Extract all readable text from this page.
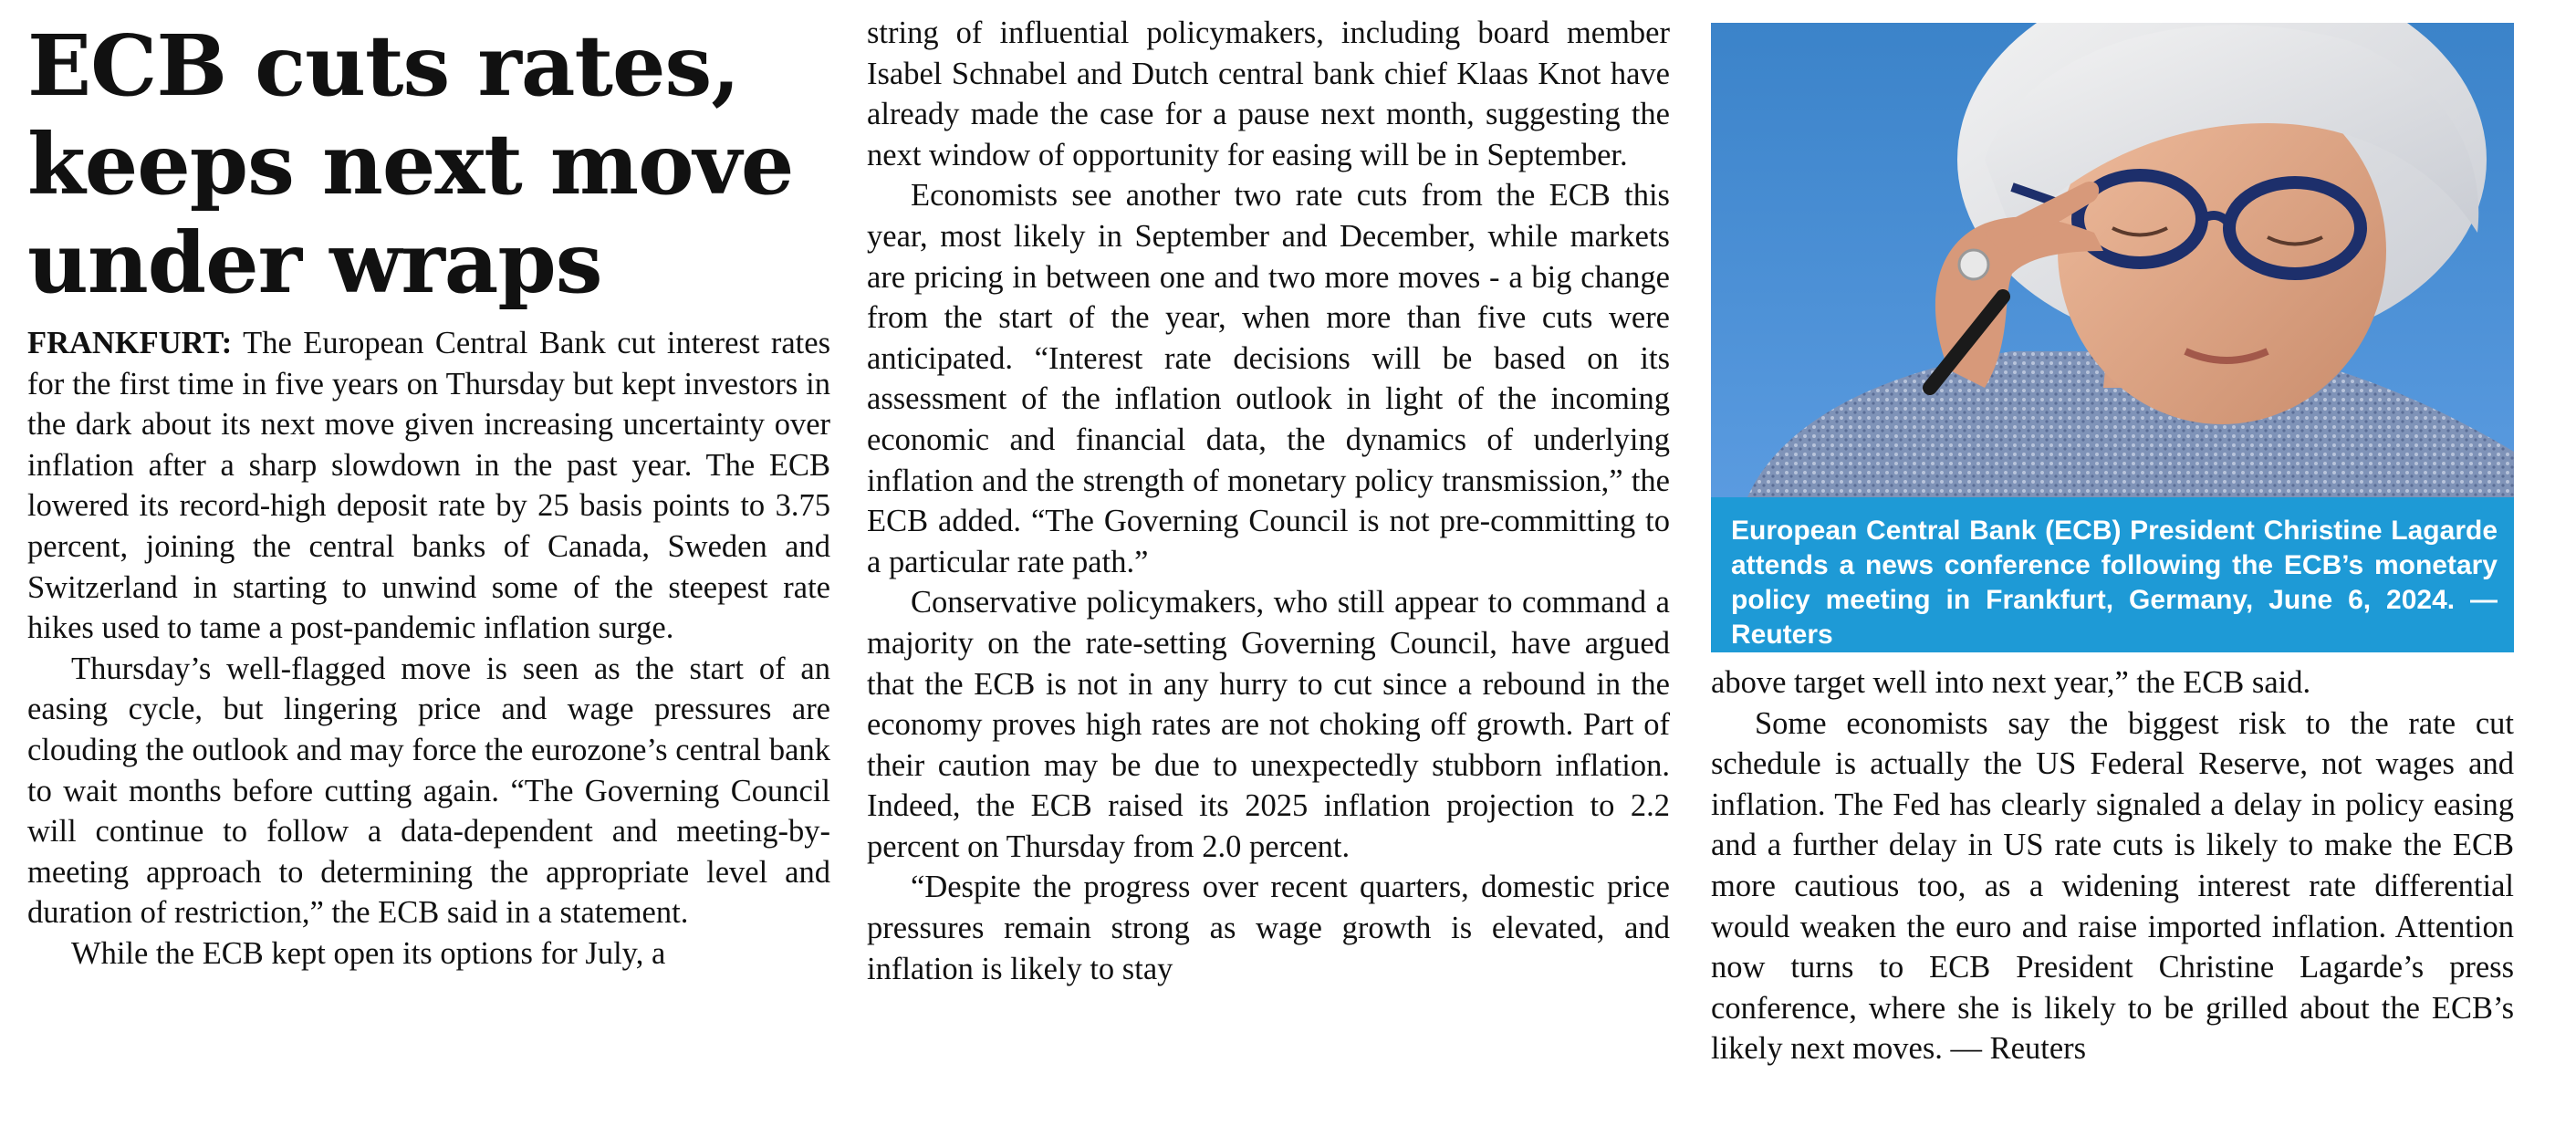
ECB cuts rates, keeps next move under wraps

FRANKFURT: The European Central Bank cut interest rates for the first time in five years on Thursday but kept investors in the dark about its next move given increasing uncertainty over inflation after a sharp slowdown in the past year. The ECB lowered its record-high deposit rate by 25 basis points to 3.75 percent, joining the central banks of Canada, Sweden and Switzerland in starting to unwind some of the steepest rate hikes used to tame a post-pandemic inflation surge.

Thursday’s well-flagged move is seen as the start of an easing cycle, but lingering price and wage pressures are clouding the outlook and may force the eurozone’s central bank to wait months before cutting again. “The Governing Council will continue to follow a data-dependent and meeting-by-meeting approach to determining the appropriate level and duration of restriction,” the ECB said in a statement.

While the ECB kept open its options for July, a

string of influential policymakers, including board member Isabel Schnabel and Dutch central bank chief Klaas Knot have already made the case for a pause next month, suggesting the next window of opportunity for easing will be in September.

Economists see another two rate cuts from the ECB this year, most likely in September and December, while markets are pricing in between one and two more moves - a big change from the start of the year, when more than five cuts were anticipated. “Interest rate decisions will be based on its assessment of the inflation outlook in light of the incoming economic and financial data, the dynamics of underlying inflation and the strength of monetary policy transmission,” the ECB added. “The Governing Council is not pre-committing to a particular rate path.”

Conservative policymakers, who still appear to command a majority on the rate-setting Governing Council, have argued that the ECB is not in any hurry to cut since a rebound in the economy proves high rates are not choking off growth. Part of their caution may be due to unexpectedly stubborn inflation. Indeed, the ECB raised its 2025 inflation projection to 2.2 percent on Thursday from 2.0 percent.

“Despite the progress over recent quarters, domestic price pressures remain strong as wage growth is elevated, and inflation is likely to stay

European Central Bank (ECB) President Christine Lagarde attends a news conference following the ECB’s monetary policy meeting in Frankfurt, Germany, June 6, 2024. — Reuters

above target well into next year,” the ECB said.

Some economists say the biggest risk to the rate cut schedule is actually the US Federal Reserve, not wages and inflation. The Fed has clearly signaled a delay in policy easing and a further delay in US rate cuts is likely to make the ECB more cautious too, as a widening interest rate differential would weaken the euro and raise imported inflation. Attention now turns to ECB President Christine Lagarde’s press conference, where she is likely to be grilled about the ECB’s likely next moves. — Reuters
